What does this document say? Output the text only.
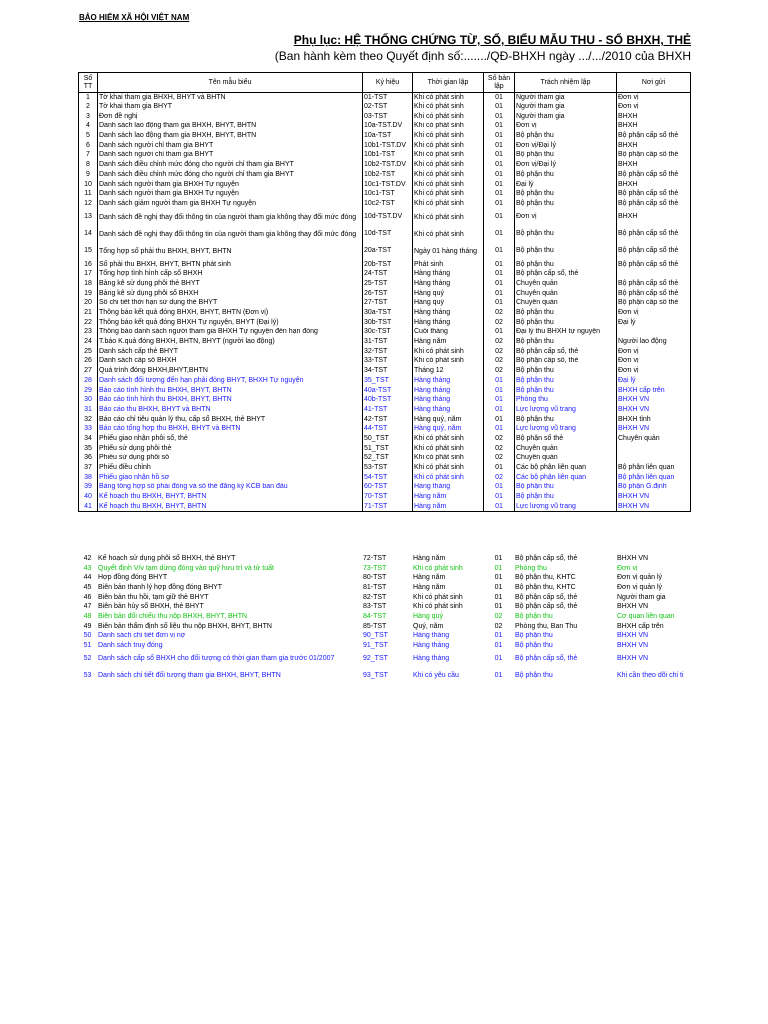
BẢO HIỂM XÃ HỘI VIỆT NAM
Phụ lục: HỆ THỐNG CHỨNG TỪ, SỔ, BIỂU MẪU THU - SỔ BHXH, THẺ
(Ban hành kèm theo Quyết định số:......./QĐ-BHXH ngày .../.../2010 của BHXH
Số TT	Tên mẫu biểu	Ký hiệu	Thời gian lập	Số bản lập	Trách nhiệm lập	Nơi gửi
1	Tờ khai tham gia BHXH, BHYT và BHTN	01-TST	Khi có phát sinh	01	Người tham gia	Đơn vị
2	Tờ khai tham gia BHYT	02-TST	Khi có phát sinh	01	Người tham gia	Đơn vị
3	Đơn đề nghị	03-TST	Khi có phát sinh	01	Người tham gia	BHXH
4	Danh sách lao động tham gia BHXH, BHYT, BHTN	10a-TST.DV	Khi có phát sinh	01	Đơn vị	BHXH
5	Danh sách lao động tham gia BHXH, BHYT, BHTN	10a-TST	Khi có phát sinh	01	Bộ phận thu	Bộ phận cấp sổ thẻ
6	Danh sách người chỉ tham gia BHYT	10b1-TST.DV	Khi có phát sinh	01	Đơn vị/Đại lý	BHXH
7	Danh sách người chỉ tham gia BHYT	10b1-TST	Khi có phát sinh	01	Bộ phận thu	Bộ phận cấp sổ thẻ
8	Danh sách điều chỉnh mức đóng cho người chỉ tham gia BHYT	10b2-TST.DV	Khi có phát sinh	01	Đơn vị/Đại lý	BHXH
9	Danh sách điều chỉnh mức đóng cho người chỉ tham gia BHYT	10b2-TST	Khi có phát sinh	01	Bộ phận thu	Bộ phận cấp sổ thẻ
10	Danh sách người tham gia BHXH Tự nguyện	10c1-TST.DV	Khi có phát sinh	01	Đại lý	BHXH
11	Danh sách người tham gia BHXH Tự nguyện	10c1-TST	Khi có phát sinh	01	Bộ phận thu	Bộ phận cấp sổ thẻ
12	Danh sách giảm người tham gia BHXH Tự nguyện	10c2-TST	Khi có phát sinh	01	Bộ phận thu	Bộ phận cấp sổ thẻ
13	Danh sách đề nghị thay đổi thông tin của người tham gia không thay đổi mức đóng	10d-TST.DV	Khi có phát sinh	01	Đơn vị	BHXH
14	Danh sách đề nghị thay đổi thông tin của người tham gia không thay đổi mức đóng	10d-TST	Khi có phát sinh	01	Bộ phận thu	Bộ phận cấp sổ thẻ
15	Tổng hợp số phải thu BHXH, BHYT, BHTN	20a-TST	Ngày 01 hàng tháng	01	Bộ phận thu	Bộ phận cấp sổ thẻ
16	Số phải thu BHXH, BHYT, BHTN phát sinh	20b-TST	Phát sinh	01	Bộ phận thu	Bộ phận cấp sổ thẻ
17	Tổng hợp tình hình cấp sổ BHXH	24-TST	Hàng tháng	01	Bộ phận cấp sổ, thẻ	
18	Bảng kê sử dụng phôi thẻ BHYT	25-TST	Hàng tháng	01	Chuyên quản	Bộ phận cấp sổ thẻ
19	Bảng kê sử dụng phôi sổ BHXH	26-TST	Hàng quý	01	Chuyên quản	Bộ phận cấp sổ thẻ
20	Sổ chi tiết thời hạn sử dụng thẻ BHYT	27-TST	Hàng quý	01	Chuyên quản	Bộ phận cấp sổ thẻ
21	Thông báo kết quả đóng BHXH, BHYT, BHTN (Đơn vị)	30a-TST	Hàng tháng	02	Bộ phận thu	Đơn vị
22	Thông báo kết quả đóng BHXH Tự nguyện, BHYT (Đại lý)	30b-TST	Hàng tháng	02	Bộ phận thu	Đại lý
23	Thông báo danh sách người tham gia BHXH Tự nguyện đến hạn đóng	30c-TST	Cuối tháng	01	Đại lý thu BHXH tự nguyện	
24	T.báo K.quả đóng BHXH, BHTN, BHYT (người lao động)	31-TST	Hàng năm	02	Bộ phận thu	Người lao động
25	Danh sách cấp thẻ BHYT	32-TST	Khi có phát sinh	02	Bộ phận cấp sổ, thẻ	Đơn vị
26	Danh sách cấp sổ BHXH	33-TST	Khi có phát sinh	02	Bộ phận cấp sổ, thẻ	Đơn vị
27	Quá trình đóng BHXH,BHYT,BHTN	34-TST	Tháng 12	02	Bộ phận thu	Đơn vị
28	Danh sách đối tượng đến hạn phải đóng BHYT, BHXH Tự nguyện	35_TST	Hàng tháng	01	Bộ phận thu	Đại lý
29	Báo cáo tình hình thu BHXH, BHYT, BHTN	40a-TST	Hàng tháng	01	Bộ phận thu	BHXH cấp trên
30	Báo cáo tình hình thu BHXH, BHYT, BHTN	40b-TST	Hàng tháng	01	Phòng thu	BHXH VN
31	Báo cáo thu BHXH, BHYT và BHTN	41-TST	Hàng tháng	01	Lực lượng vũ trang	BHXH VN
32	Báo cáo chỉ tiêu quản lý thu, cấp sổ BHXH, thẻ BHYT	42-TST	Hàng quý, năm	01	Bộ phận thu	BHXH tỉnh
33	Báo cáo tổng hợp thu BHXH, BHYT và BHTN	44-TST	Hàng quý, năm	01	Lực lượng vũ trang	BHXH VN
34	Phiếu giao nhận phôi sổ, thẻ	50_TST	Khi có phát sinh	02	Bộ phận sổ thẻ	Chuyên quản
35	Phiếu sử dụng phôi thẻ	51_TST	Khi có phát sinh	02	Chuyên quản	
36	Phiếu sử dụng phôi sổ	52_TST	Khi có phát sinh	02	Chuyên quản	
37	Phiếu điều chỉnh	53-TST	Khi có phát sinh	01	Các bộ phận liên quan	Bộ phận liên quan
38	Phiếu giao nhận hồ sơ	54-TST	Khi có phát sinh	02	Các bộ phận liên quan	Bộ phận liên quan
39	Bảng tổng hợp sổ phải đóng và sổ thẻ đăng ký KCB ban đầu	60-TST	Hàng tháng	01	Bộ phận thu	Bộ phận G.định
40	Kế hoạch thu BHXH, BHYT, BHTN	70-TST	Hàng năm	01	Bộ phận thu	BHXH VN
41	Kế hoạch thu BHXH, BHYT, BHTN	71-TST	Hàng năm	01	Lực lượng vũ trang	BHXH VN
42	Kế hoạch sử dụng phôi sổ BHXH, thẻ BHYT	72-TST	Hàng năm	01	Bộ phận cấp sổ, thẻ	BHXH VN
43	Quyết định V/v tạm dừng đóng vào quỹ hưu trí và tử tuất	73-TST	Khi có phát sinh	01	Phòng thu	Đơn vị
44	Hợp đồng đóng BHYT	80-TST	Hàng năm	01	Bộ phận thu, KHTC	Đơn vị quản lý
45	Biên bản thanh lý hợp đồng đóng BHYT	81-TST	Hàng năm	01	Bộ phận thu, KHTC	Đơn vị quản lý
46	Biên bản thu hồi, tạm giữ thẻ BHYT	82-TST	Khi có phát sinh	01	Bộ phận cấp sổ, thẻ	Người tham gia
47	Biên bản hủy sổ BHXH, thẻ BHYT	83-TST	Khi có phát sinh	01	Bộ phận cấp sổ, thẻ	BHXH VN
48	Biên bản đối chiếu thu nộp BHXH, BHYT, BHTN	84-TST	Hàng quý	02	Bộ phận thu	Cơ quan liên quan
49	Biên bản thẩm định số liệu thu nộp BHXH, BHYT, BHTN	85-TST	Quý, năm	02	Phòng thu, Ban Thu	BHXH cấp trên
50	Danh sách chi tiết đơn vị nợ	90_TST	Hàng tháng	01	Bộ phận thu	BHXH VN
51	Danh sách truy đóng	91_TST	Hàng tháng	01	Bộ phận thu	BHXH VN
52	Danh sách cấp sổ BHXH cho đối tượng có thời gian tham gia trước 01/2007	92_TST	Hàng tháng	01	Bộ phận cấp sổ, thẻ	BHXH VN
53	Danh sách chi tiết đối tượng tham gia BHXH, BHYT, BHTN	93_TST	Khi có yêu cầu	01	Bộ phận thu	Khi cần theo dõi chi ti
